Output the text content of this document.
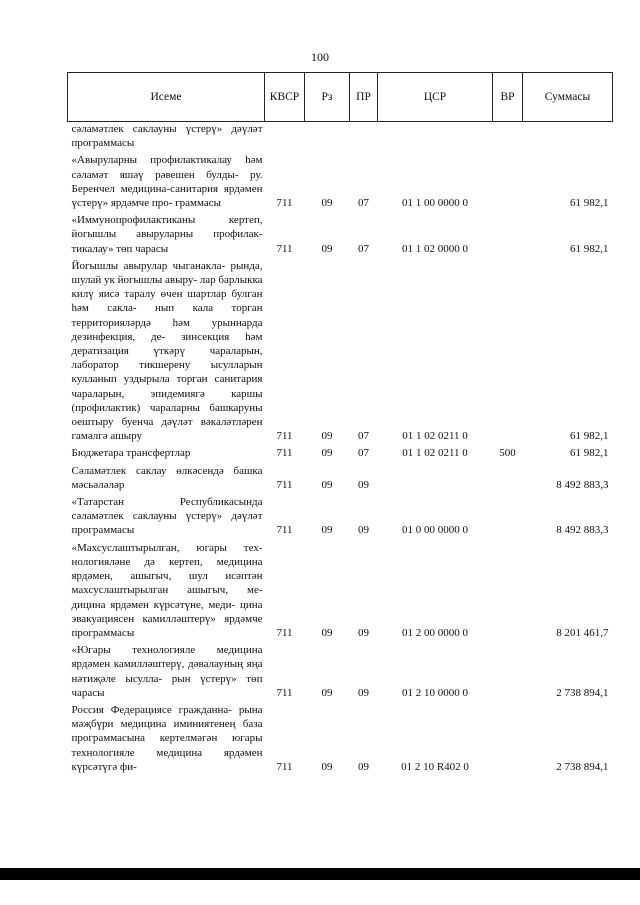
100
Исеме	КВСР	Рз	ПР	ЦСР	ВР	Суммасы
сәламәтлек саклауны үстерү» дәүләт программасы						
«Авыруларны профилактикалау һәм сәламәт яшәү рәвешен булды- ру. Беренчел медицина-санитария ярдәмен үстерү» ярдәмче про- граммасы	711	09	07	01 1 00 0000 0		61 982,1
«Иммунопрофилактиканы кертеп, йогышлы авыруларны профилак- тикалау» төп чарасы	711	09	07	01 1 02 0000 0		61 982,1
Йогышлы авырулар чыганакла- рында, шулай ук йогышлы авыру- лар барлыкка килү яисә таралу өчен шартлар булган һәм сакла- нып кала торган территорияләрдә һәм урыннарда дезинфекция, де- зинсекция һәм дератизация үткәрү чараларын, лаборатор тикшерену ысулларын кулланып уздырыла торган санитария чараларын, эпидемиягә каршы (профилактик) чараларны башкаруны оештыру буенча дәүләт вәкаләтләрен гамәлгә ашыру	711	09	07	01 1 02 0211 0		61 982,1
Бюджетара трансфертлар	711	09	07	01 1 02 0211 0	500	61 982,1
Сәламәтлек саклау өлкәсендә башка мәсьәләләр	711	09	09			8 492 883,3
«Татарстан Республикасында сәламәтлек саклауны үстерү» дәүләт программасы	711	09	09	01 0 00 0000 0		8 492 883,3
«Махсуслаштырылган, югары тех- нологияләне дә кертеп, медицина ярдәмен, ашыгыч, шул исәптән махсуслаштырылган ашыгыч, ме- дицина ярдәмен күрсәтүне, меди- цина эвакуациясен камилләштерү» ярдәмче программасы	711	09	09	01 2 00 0000 0		8 201 461,7
«Югары технологияле медицина ярдәмен камилләштерү, дәвалауның яңа нәтиҗәле ысулла- рын үстерү» төп чарасы	711	09	09	01 2 10 0000 0		2 738 894,1
Россия Федерациясе гражданна- рына мәҗбүри медицина иминиятенең база программасына кертелмәгән югары технологияле медицина ярдәмен күрсәтүгә фи-	711	09	09	01 2 10 R402 0		2 738 894,1
